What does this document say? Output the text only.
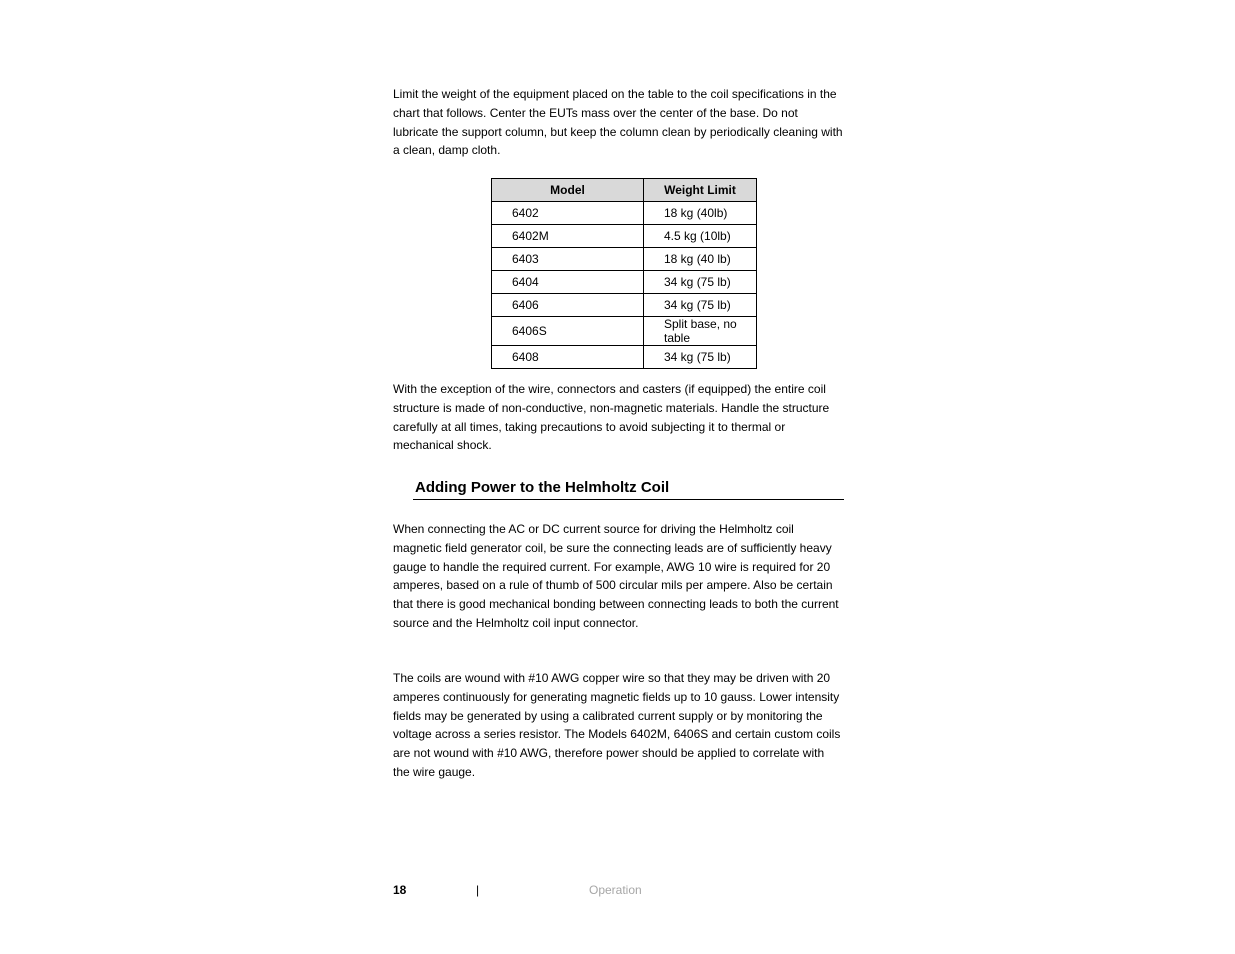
Limit the weight of the equipment placed on the table to the coil specifications in the chart that follows. Center the EUTs mass over the center of the base. Do not lubricate the support column, but keep the column clean by periodically cleaning with a clean, damp cloth.

Model	Weight Limit
6402	18 kg (40lb)
6402M	4.5 kg (10lb)
6403	18 kg (40 lb)
6404	34 kg (75 lb)
6406	34 kg (75 lb)
6406S	Split base, no table

6408	34 kg (75 lb)

With the exception of the wire, connectors and casters (if equipped) the entire coil structure is made of non-conductive, non-magnetic materials. Handle the structure carefully at all times, taking precautions to avoid subjecting it to thermal or mechanical shock.

Adding Power to the Helmholtz Coil

When connecting the AC or DC current source for driving the Helmholtz coil magnetic field generator coil, be sure the connecting leads are of sufficiently heavy gauge to handle the required current. For example, AWG 10 wire is required for 20 amperes, based on a rule of thumb of 500 circular mils per ampere. Also be certain that there is good mechanical bonding between connecting leads to both the current source and the Helmholtz coil input connector.

The coils are wound with #10 AWG copper wire so that they may be driven with 20 amperes continuously for generating magnetic fields up to 10 gauss. Lower intensity fields may be generated by using a calibrated current supply or by monitoring the voltage across a series resistor. The Models 6402M, 6406S and certain custom coils are not wound with #10 AWG, therefore power should be applied to correlate with the wire gauge.

18	|	Operation
